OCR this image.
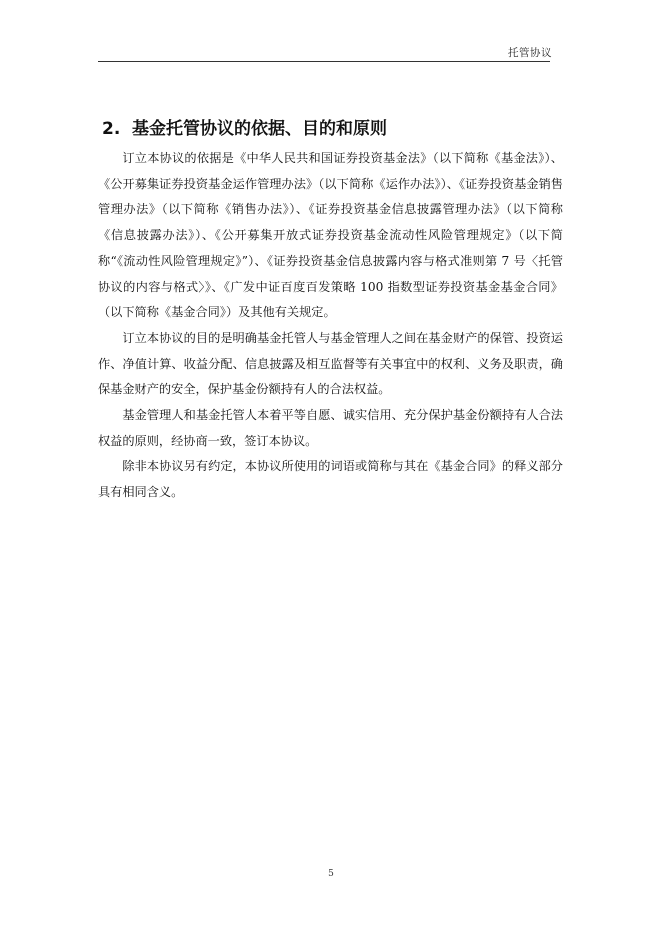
托管协议
2. 基金托管协议的依据、目的和原则

订立本协议的依据是《中华人民共和国证券投资基金法》（以下简称《基金法》）、《公开募集证券投资基金运作管理办法》（以下简称《运作办法》）、《证券投资基金销售管理办法》（以下简称《销售办法》）、《证券投资基金信息披露管理办法》（以下简称《信息披露办法》）、《公开募集开放式证券投资基金流动性风险管理规定》（以下简称“《流动性风险管理规定》”）、《证券投资基金信息披露内容与格式准则第 7 号〈托管协议的内容与格式〉》、《广发中证百度百发策略 100 指数型证券投资基金基金合同》（以下简称《基金合同》）及其他有关规定。

订立本协议的目的是明确基金托管人与基金管理人之间在基金财产的保管、投资运作、净值计算、收益分配、信息披露及相互监督等有关事宜中的权利、义务及职责，确保基金财产的安全，保护基金份额持有人的合法权益。

基金管理人和基金托管人本着平等自愿、诚实信用、充分保护基金份额持有人合法权益的原则，经协商一致，签订本协议。

除非本协议另有约定，本协议所使用的词语或简称与其在《基金合同》的释义部分具有相同含义。

5
